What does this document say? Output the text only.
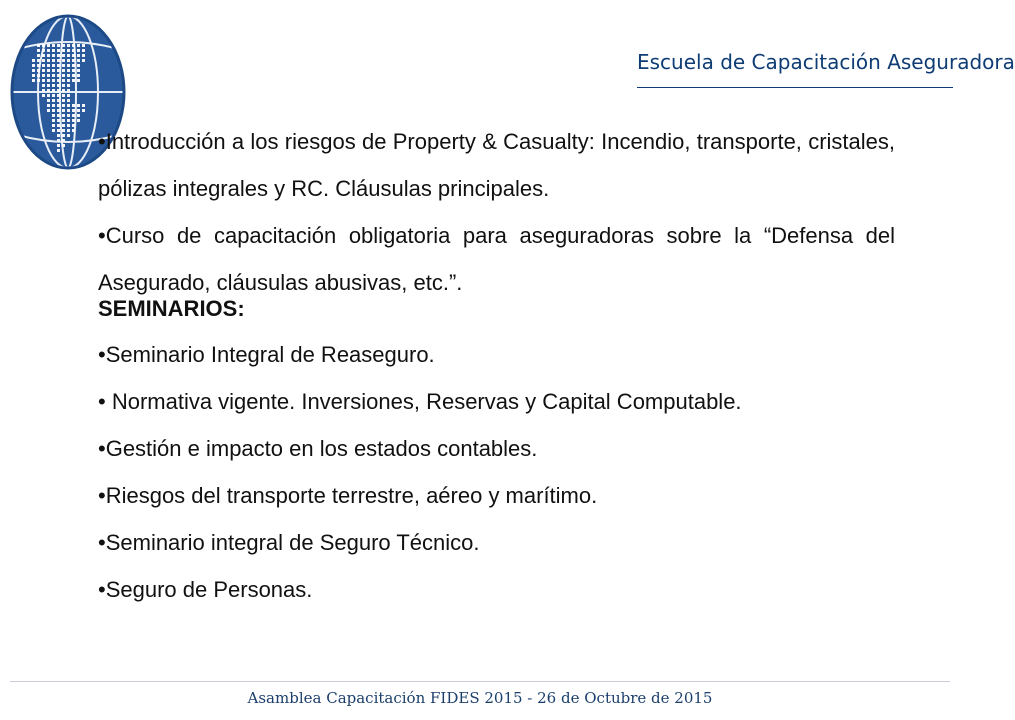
Escuela de Capacitación Aseguradora

•Introducción a los riesgos de Property & Casualty: Incendio, transporte, cristales, pólizas integrales y RC. Cláusulas principales.

•Curso de capacitación obligatoria para aseguradoras sobre la “Defensa del Asegurado, cláusulas abusivas, etc.”.

SEMINARIOS:
•Seminario Integral de Reaseguro.
• Normativa vigente. Inversiones, Reservas y Capital Computable.
•Gestión e impacto en los estados contables.
•Riesgos del transporte terrestre, aéreo y marítimo.
•Seminario integral de Seguro Técnico.
•Seguro de Personas.
Asamblea Capacitación FIDES 2015 - 26 de Octubre de 2015
